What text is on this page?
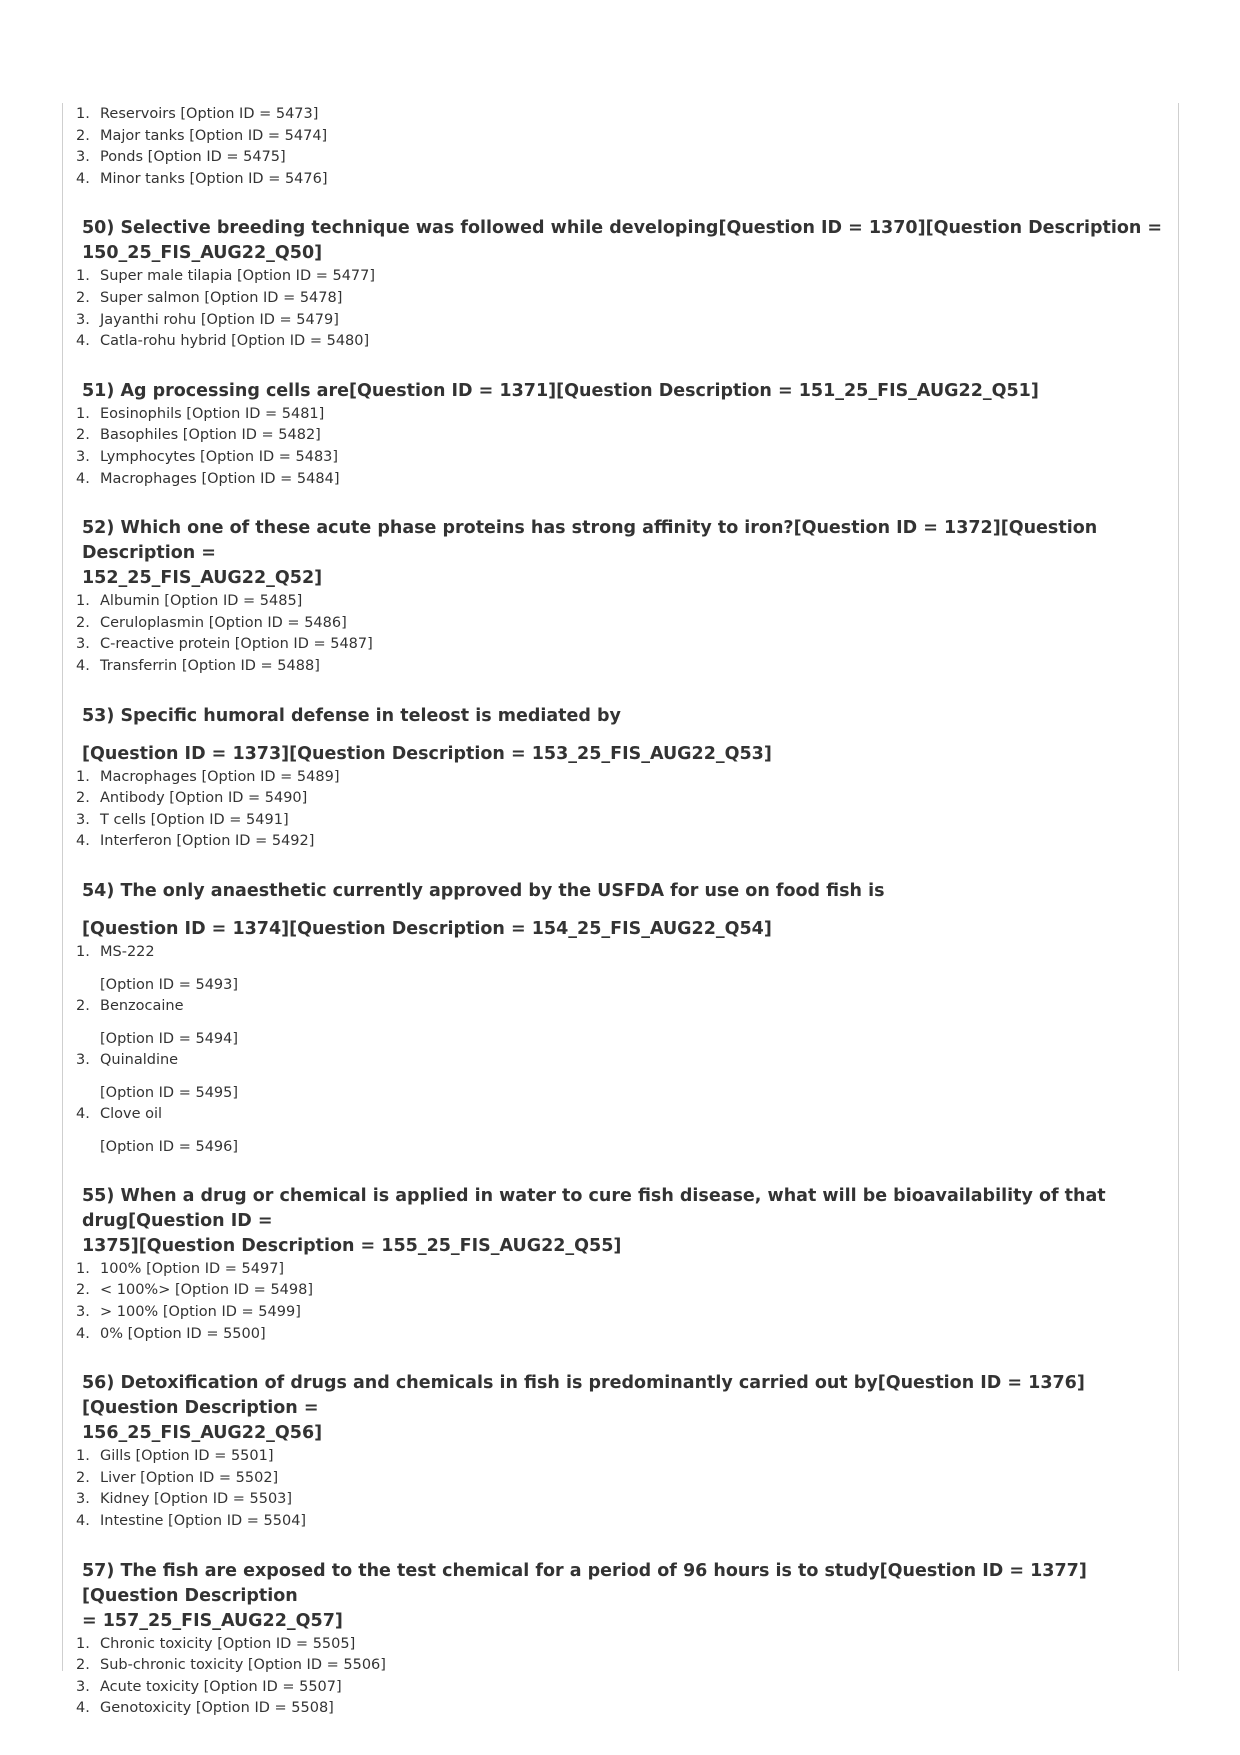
1. Reservoirs [Option ID = 5473]
2. Major tanks [Option ID = 5474]
3. Ponds [Option ID = 5475]
4. Minor tanks [Option ID = 5476]
50) Selective breeding technique was followed while developing[Question ID = 1370][Question Description =
150_25_FIS_AUG22_Q50]
1. Super male tilapia [Option ID = 5477]
2. Super salmon [Option ID = 5478]
3. Jayanthi rohu [Option ID = 5479]
4. Catla-rohu hybrid [Option ID = 5480]
51) Ag processing cells are[Question ID = 1371][Question Description = 151_25_FIS_AUG22_Q51]
1. Eosinophils [Option ID = 5481]
2. Basophiles [Option ID = 5482]
3. Lymphocytes [Option ID = 5483]
4. Macrophages [Option ID = 5484]
52) Which one of these acute phase proteins has strong affinity to iron?[Question ID = 1372][Question Description =
152_25_FIS_AUG22_Q52]
1. Albumin [Option ID = 5485]
2. Ceruloplasmin [Option ID = 5486]
3. C-reactive protein [Option ID = 5487]
4. Transferrin [Option ID = 5488]
53) Specific humoral defense in teleost is mediated by
[Question ID = 1373][Question Description = 153_25_FIS_AUG22_Q53]
1. Macrophages [Option ID = 5489]
2. Antibody [Option ID = 5490]
3. T cells [Option ID = 5491]
4. Interferon [Option ID = 5492]
54) The only anaesthetic currently approved by the USFDA for use on food fish is
[Question ID = 1374][Question Description = 154_25_FIS_AUG22_Q54]
1. MS-222
[Option ID = 5493]
2. Benzocaine
[Option ID = 5494]
3. Quinaldine
[Option ID = 5495]
4. Clove oil
[Option ID = 5496]
55) When a drug or chemical is applied in water to cure fish disease, what will be bioavailability of that drug[Question ID =
1375][Question Description = 155_25_FIS_AUG22_Q55]
1. 100% [Option ID = 5497]
2. < 100%> [Option ID = 5498]
3. > 100% [Option ID = 5499]
4. 0% [Option ID = 5500]
56) Detoxification of drugs and chemicals in fish is predominantly carried out by[Question ID = 1376][Question Description =
156_25_FIS_AUG22_Q56]
1. Gills [Option ID = 5501]
2. Liver [Option ID = 5502]
3. Kidney [Option ID = 5503]
4. Intestine [Option ID = 5504]
57) The fish are exposed to the test chemical for a period of 96 hours is to study[Question ID = 1377][Question Description
= 157_25_FIS_AUG22_Q57]
1. Chronic toxicity [Option ID = 5505]
2. Sub-chronic toxicity [Option ID = 5506]
3. Acute toxicity [Option ID = 5507]
4. Genotoxicity [Option ID = 5508]
